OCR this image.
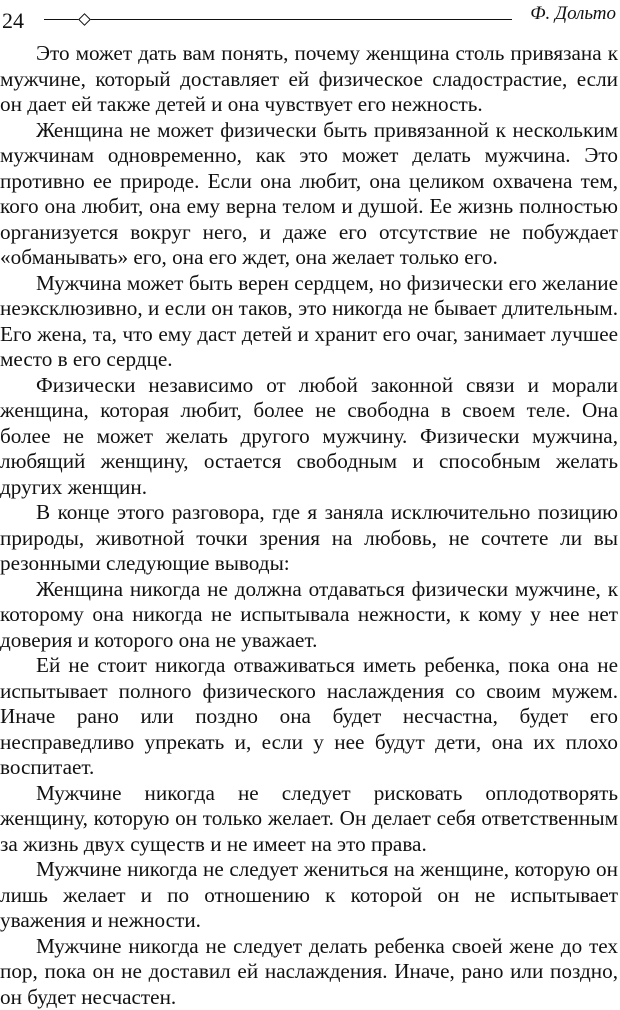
24	Ф. Дольто

Это может дать вам понять, почему женщина столь привязана к мужчине, который доставляет ей физическое сладострастие, если он дает ей также детей и она чувствует его нежность.

Женщина не может физически быть привязанной к нескольким мужчинам одновременно, как это может делать мужчина. Это противно ее природе. Если она любит, она целиком охвачена тем, кого она любит, она ему верна телом и душой. Ее жизнь полностью организуется вокруг него, и даже его отсутствие не побуждает «обманывать» его, она его ждет, она желает только его.

Мужчина может быть верен сердцем, но физически его желание неэксклюзивно, и если он таков, это никогда не бывает длительным. Его жена, та, что ему даст детей и хранит его очаг, занимает лучшее место в его сердце.

Физически независимо от любой законной связи и морали женщина, которая любит, более не свободна в своем теле. Она более не может желать другого мужчину. Физически мужчина, любящий женщину, остается свободным и способным желать других женщин.

В конце этого разговора, где я заняла исключительно позицию природы, животной точки зрения на любовь, не сочтете ли вы резонными следующие выводы:

Женщина никогда не должна отдаваться физически мужчине, к которому она никогда не испытывала нежности, к кому у нее нет доверия и которого она не уважает.

Ей не стоит никогда отваживаться иметь ребенка, пока она не испытывает полного физического наслаждения со своим мужем. Иначе рано или поздно она будет несчастна, будет его несправедливо упрекать и, если у нее будут дети, она их плохо воспитает.

Мужчине никогда не следует рисковать оплодотворять женщину, которую он только желает. Он делает себя ответственным за жизнь двух существ и не имеет на это права.

Мужчине никогда не следует жениться на женщине, которую он лишь желает и по отношению к которой он не испытывает уважения и нежности.

Мужчине никогда не следует делать ребенка своей жене до тех пор, пока он не доставил ей наслаждения. Иначе, рано или поздно, он будет несчастен.
